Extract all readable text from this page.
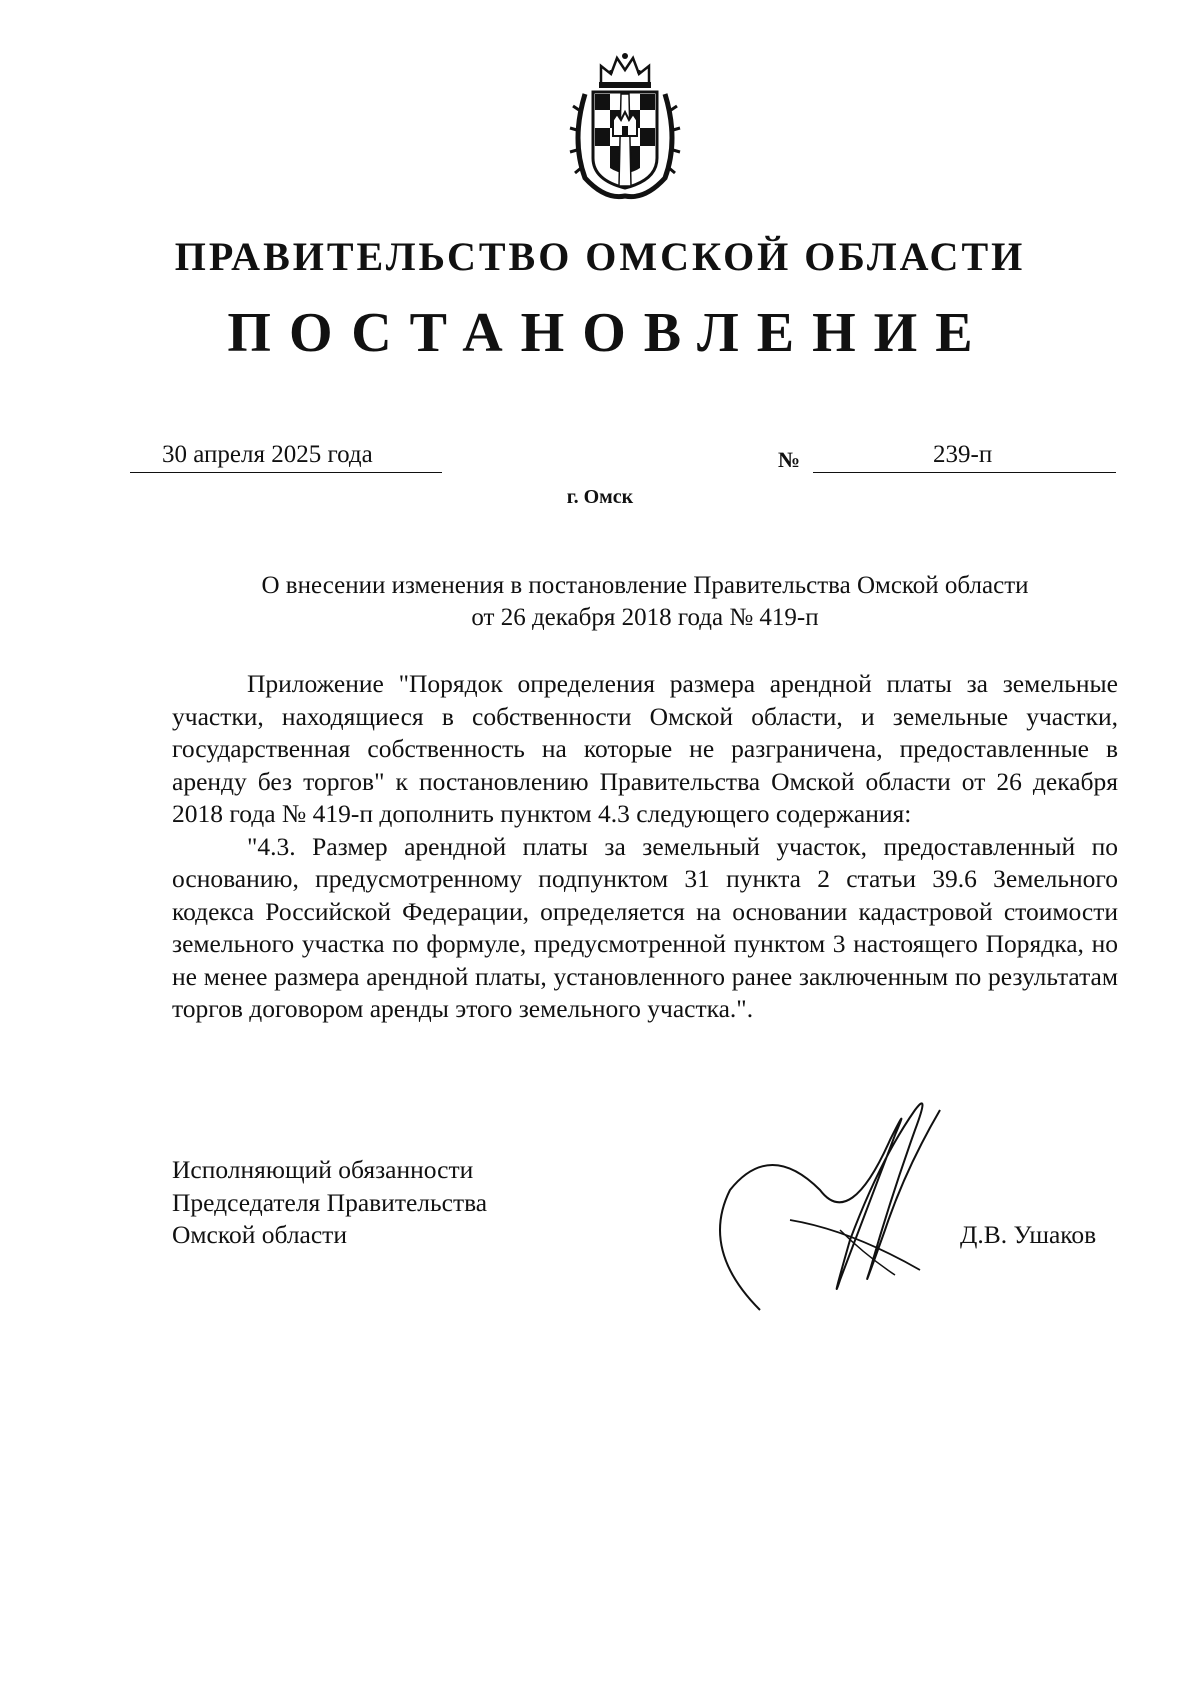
ПРАВИТЕЛЬСТВО ОМСКОЙ ОБЛАСТИ
ПОСТАНОВЛЕНИЕ
30 апреля 2025 года	№	239-п
г. Омск
О внесении изменения в постановление Правительства Омской области
от 26 декабря 2018 года № 419-п

Приложение "Порядок определения размера арендной платы за земельные участки, находящиеся в собственности Омской области, и земельные участки, государственная собственность на которые не разграничена, предоставленные в аренду без торгов" к постановлению Правительства Омской области от 26 декабря 2018 года № 419-п дополнить пунктом 4.3 следующего содержания:

"4.3. Размер арендной платы за земельный участок, предоставленный по основанию, предусмотренному подпунктом 31 пункта 2 статьи 39.6 Земельного кодекса Российской Федерации, определяется на основании кадастровой стоимости земельного участка по формуле, предусмотренной пунктом 3 настоящего Порядка, но не менее размера арендной платы, установленного ранее заключенным по результатам торгов договором аренды этого земельного участка.".

Исполняющий обязанности
Председателя Правительства
Омской области	Д.В. Ушаков
